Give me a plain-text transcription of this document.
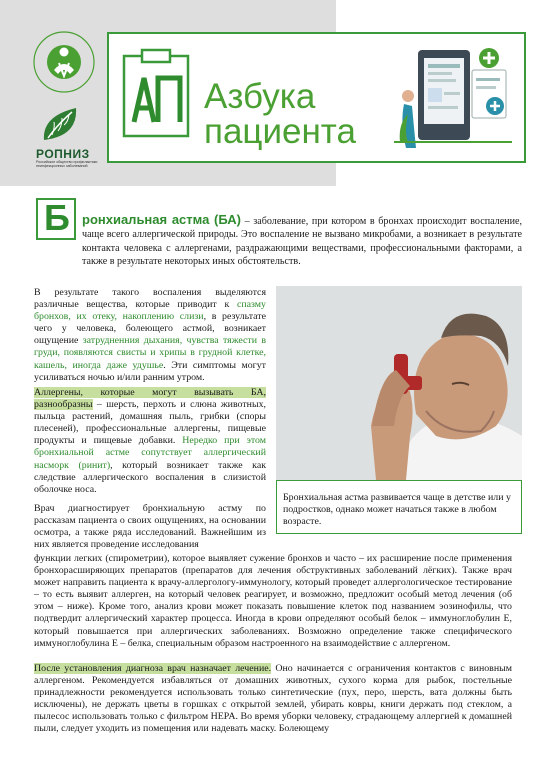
РОПНИЗ
Российское общество профилактики неинфекционных заболеваний
Азбука
пациента
Б ронхиальная астма (БА) – заболевание, при котором в бронхах происходит воспаление, чаще всего аллергической природы. Это воспаление не вызвано микробами, а возникает в результате контакта человека с аллергенами, раздражающими веществами, профессиональными факторами, а также в результате некоторых иных обстоятельств.

В результате такого воспаления выделяются различные вещества, которые приводит к спазму бронхов, их отеку, накоплению слизи, в результате чего у человека, болеющего астмой, возникает ощущение затрудненния дыхания, чувства тяжести в груди, появляются свисты и хрипы в грудной клетке, кашель, иногда даже удушье. Эти симптомы могут усиливаться ночью и/или ранним утром.

Аллергены, которые могут вызывать БА, разнообразны – шерсть, перхоть и слюна животных, пыльца растений, домашняя пыль, грибки (споры плесеней), профессиональные аллергены, пищевые продукты и пищевые добавки. Нередко при этом бронхиальной астме сопутствует аллергический насморк (ринит), который возникает также как следствие аллергического воспаления в слизистой оболочке носа.

Врач диагностирует бронхиальную астму по рассказам пациента о своих ощущениях, на основании осмотра, а также ряда исследований. Важнейшим из них является проведение исследования

функции легких (спирометрии), которое выявляет сужение бронхов и часто – их расширение после применения бронхорасширяющих препаратов (препаратов для лечения обструктивных заболеваний лёгких). Также врач может направить пациента к врачу-аллергологу-иммунологу, который проведет аллергологическое тестирование – то есть выявит аллерген, на который человек реагирует, и возможно, предложит особый метод лечения (об этом – ниже). Кроме того, анализ крови может показать повышение клеток под названием эозинофилы, что подтвердит аллергический характер процесса. Иногда в крови определяют особый белок – иммуноглобулин Е, который повышается при аллергических заболеваниях. Возможно определение также специфического иммуноглобулина Е – белка, специальным образом настроенного на взаимодействие с аллергеном.

После установления диагноза врач назначает лечение. Оно начинается с ограничения контактов с виновным аллергеном. Рекомендуется избавляться от домашних животных, сухого корма для рыбок, постельные принадлежности рекомендуется использовать только синтетические (пух, перо, шерсть, вата должны быть исключены), не держать цветы в горшках с открытой землей, убирать ковры, книги держать под стеклом, а пылесос использовать только с фильтром HEPA. Во время уборки человеку, страдающему аллергией к домашней пыли, следует уходить из помещения или надевать маску. Болеющему

Бронхиальная астма развивается чаще в детстве или у подростков, однако может начаться также в любом возрасте.
